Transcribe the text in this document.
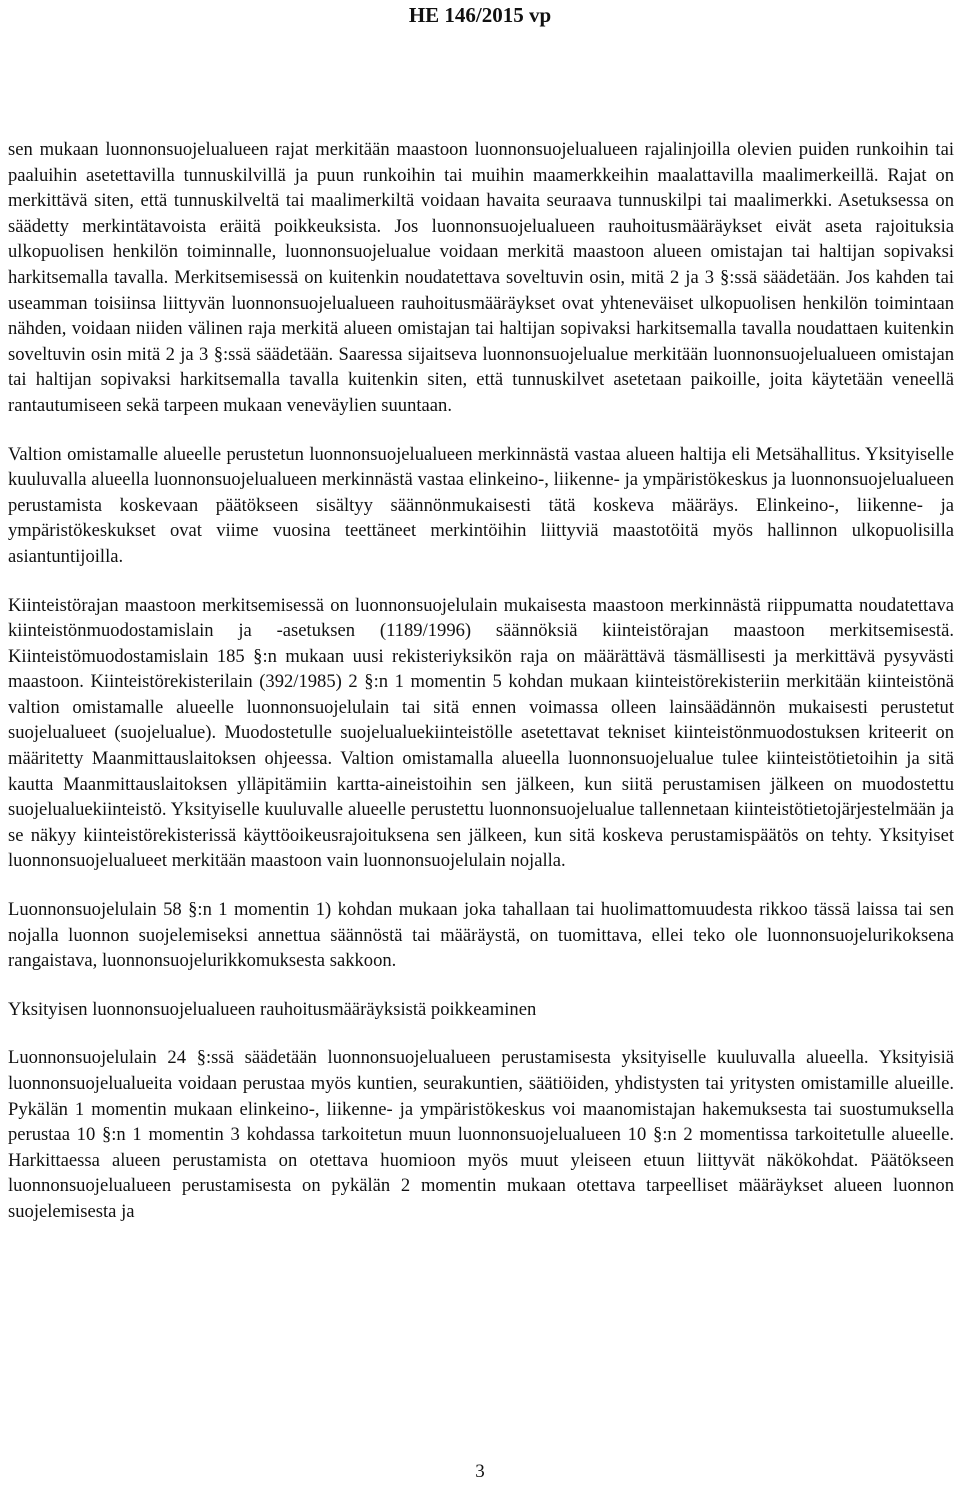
HE 146/2015 vp

sen mukaan luonnonsuojelualueen rajat merkitään maastoon luonnonsuojelualueen rajalinjoilla olevien puiden runkoihin tai paaluihin asetettavilla tunnuskilvillä ja puun runkoihin tai muihin maamerkkeihin maalattavilla maalimerkeillä. Rajat on merkittävä siten, että tunnuskilveltä tai maalimerkiltä voidaan havaita seuraava tunnuskilpi tai maalimerkki. Asetuksessa on säädetty merkintätavoista eräitä poikkeuksista. Jos luonnonsuojelualueen rauhoitusmääräykset eivät aseta rajoituksia ulkopuolisen henkilön toiminnalle, luonnonsuojelualue voidaan merkitä maastoon alueen omistajan tai haltijan sopivaksi harkitsemalla tavalla. Merkitsemisessä on kuitenkin noudatettava soveltuvin osin, mitä 2 ja 3 §:ssä säädetään. Jos kahden tai useamman toisiinsa liittyvän luonnonsuojelualueen rauhoitusmääräykset ovat yhteneväiset ulkopuolisen henkilön toimintaan nähden, voidaan niiden välinen raja merkitä alueen omistajan tai haltijan sopivaksi harkitsemalla tavalla noudattaen kuitenkin soveltuvin osin mitä 2 ja 3 §:ssä säädetään. Saaressa sijaitseva luonnonsuojelualue merkitään luonnonsuojelualueen omistajan tai haltijan sopivaksi harkitsemalla tavalla kuitenkin siten, että tunnuskilvet asetetaan paikoille, joita käytetään veneellä rantautumiseen sekä tarpeen mukaan veneväylien suuntaan.

Valtion omistamalle alueelle perustetun luonnonsuojelualueen merkinnästä vastaa alueen haltija eli Metsähallitus. Yksityiselle kuuluvalla alueella luonnonsuojelualueen merkinnästä vastaa elinkeino-, liikenne- ja ympäristökeskus ja luonnonsuojelualueen perustamista koskevaan päätökseen sisältyy säännönmukaisesti tätä koskeva määräys. Elinkeino-, liikenne- ja ympäristökeskukset ovat viime vuosina teettäneet merkintöihin liittyviä maastotöitä myös hallinnon ulkopuolisilla asiantuntijoilla.

Kiinteistörajan maastoon merkitsemisessä on luonnonsuojelulain mukaisesta maastoon merkinnästä riippumatta noudatettava kiinteistönmuodostamislain ja -asetuksen (1189/1996) säännöksiä kiinteistörajan maastoon merkitsemisestä. Kiinteistömuodostamislain 185 §:n mukaan uusi rekisteriyksikön raja on määrättävä täsmällisesti ja merkittävä pysyvästi maastoon. Kiinteistörekisterilain (392/1985) 2 §:n 1 momentin 5 kohdan mukaan kiinteistörekisteriin merkitään kiinteistönä valtion omistamalle alueelle luonnonsuojelulain tai sitä ennen voimassa olleen lainsäädännön mukaisesti perustetut suojelualueet (suojelualue). Muodostetulle suojelualuekiinteistölle asetettavat tekniset kiinteistönmuodostuksen kriteerit on määritetty Maanmittauslaitoksen ohjeessa. Valtion omistamalla alueella luonnonsuojelualue tulee kiinteistötietoihin ja sitä kautta Maanmittauslaitoksen ylläpitämiin kartta-aineistoihin sen jälkeen, kun siitä perustamisen jälkeen on muodostettu suojelualuekiinteistö. Yksityiselle kuuluvalle alueelle perustettu luonnonsuojelualue tallennetaan kiinteistötietojärjestelmään ja se näkyy kiinteistörekisterissä käyttöoikeusrajoituksena sen jälkeen, kun sitä koskeva perustamispäätös on tehty. Yksityiset luonnonsuojelualueet merkitään maastoon vain luonnonsuojelulain nojalla.

Luonnonsuojelulain 58 §:n 1 momentin 1) kohdan mukaan joka tahallaan tai huolimattomuudesta rikkoo tässä laissa tai sen nojalla luonnon suojelemiseksi annettua säännöstä tai määräystä, on tuomittava, ellei teko ole luonnonsuojelurikoksena rangaistava, luonnonsuojelurikkomuksesta sakkoon.

Yksityisen luonnonsuojelualueen rauhoitusmääräyksistä poikkeaminen

Luonnonsuojelulain 24 §:ssä säädetään luonnonsuojelualueen perustamisesta yksityiselle kuuluvalla alueella. Yksityisiä luonnonsuojelualueita voidaan perustaa myös kuntien, seurakuntien, säätiöiden, yhdistysten tai yritysten omistamille alueille. Pykälän 1 momentin mukaan elinkeino-, liikenne- ja ympäristökeskus voi maanomistajan hakemuksesta tai suostumuksella perustaa 10 §:n 1 momentin 3 kohdassa tarkoitetun muun luonnonsuojelualueen 10 §:n 2 momentissa tarkoitetulle alueelle. Harkittaessa alueen perustamista on otettava huomioon myös muut yleiseen etuun liittyvät näkökohdat. Päätökseen luonnonsuojelualueen perustamisesta on pykälän 2 momentin mukaan otettava tarpeelliset määräykset alueen luonnon suojelemisesta ja

3
